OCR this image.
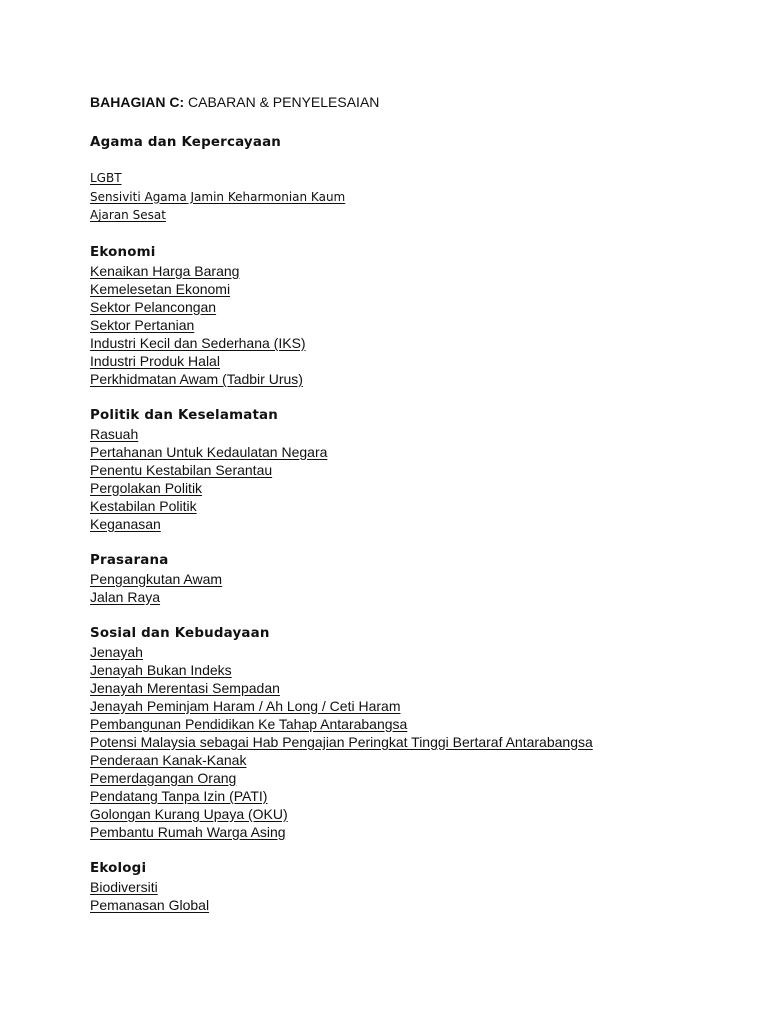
BAHAGIAN C: CABARAN & PENYELESAIAN

Agama dan Kepercayaan
LGBT
Sensiviti Agama Jamin Keharmonian Kaum
Ajaran Sesat
Ekonomi
Kenaikan Harga Barang
Kemelesetan Ekonomi
Sektor Pelancongan
Sektor Pertanian
Industri Kecil dan Sederhana (IKS)
Industri Produk Halal
Perkhidmatan Awam (Tadbir Urus)
Politik dan Keselamatan
Rasuah
Pertahanan Untuk Kedaulatan Negara
Penentu Kestabilan Serantau
Pergolakan Politik
Kestabilan Politik
Keganasan
Prasarana
Pengangkutan Awam
Jalan Raya
Sosial dan Kebudayaan
Jenayah
Jenayah Bukan Indeks
Jenayah Merentasi Sempadan
Jenayah Peminjam Haram / Ah Long / Ceti Haram
Pembangunan Pendidikan Ke Tahap Antarabangsa
Potensi Malaysia sebagai Hab Pengajian Peringkat Tinggi Bertaraf Antarabangsa
Penderaan Kanak-Kanak
Pemerdagangan Orang
Pendatang Tanpa Izin (PATI)
Golongan Kurang Upaya (OKU)
Pembantu Rumah Warga Asing
Ekologi
Biodiversiti
Pemanasan Global
